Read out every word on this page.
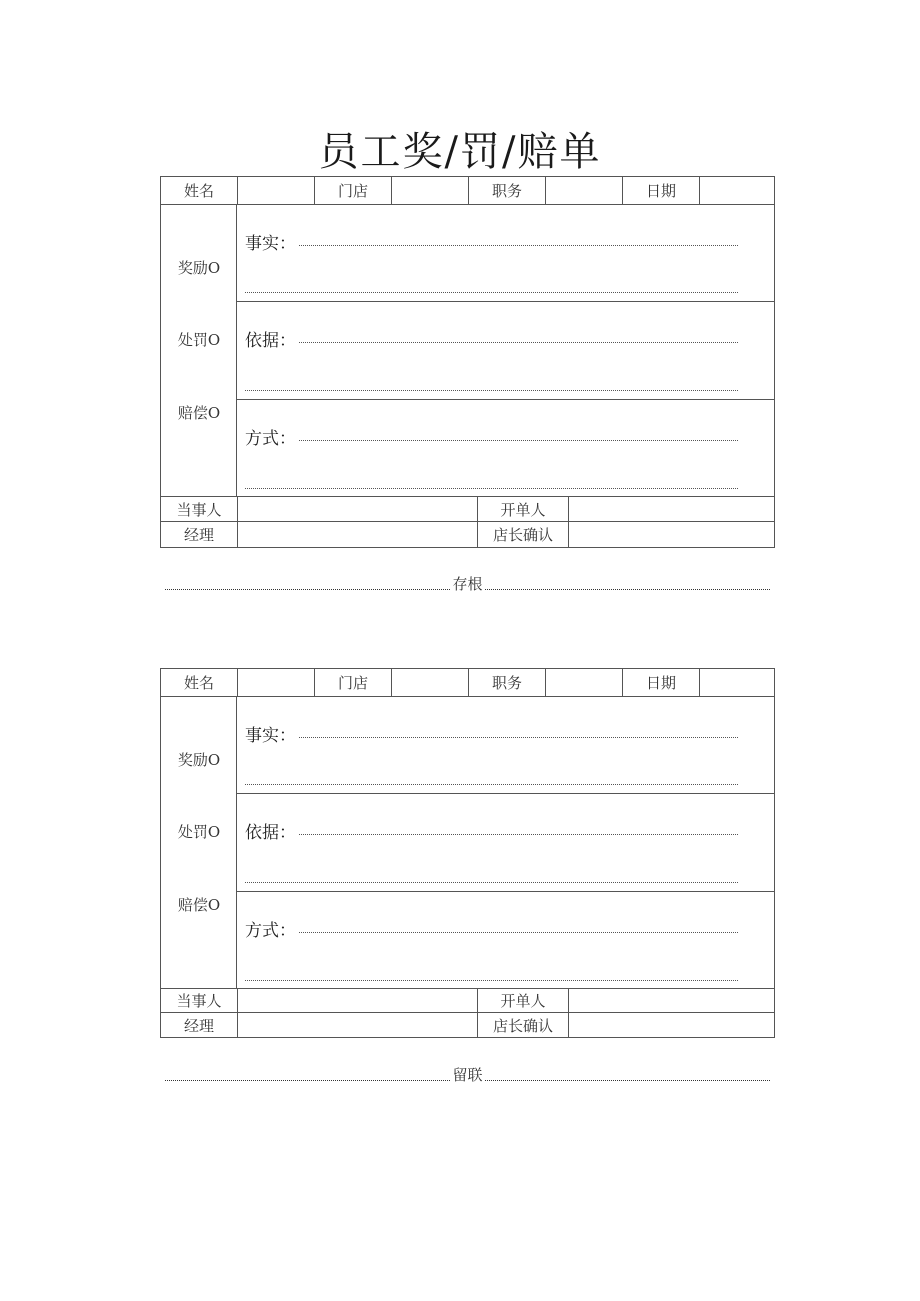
员工奖/罚/赔单
姓名	门店	职务	日期
奖励O
处罚O
赔偿O
事实：
依据：
方式：
当事人	开单人
经理	店长确认
存根
姓名	门店	职务	日期
奖励O
处罚O
赔偿O
事实：
依据：
方式：
当事人	开单人
经理	店长确认
留联
